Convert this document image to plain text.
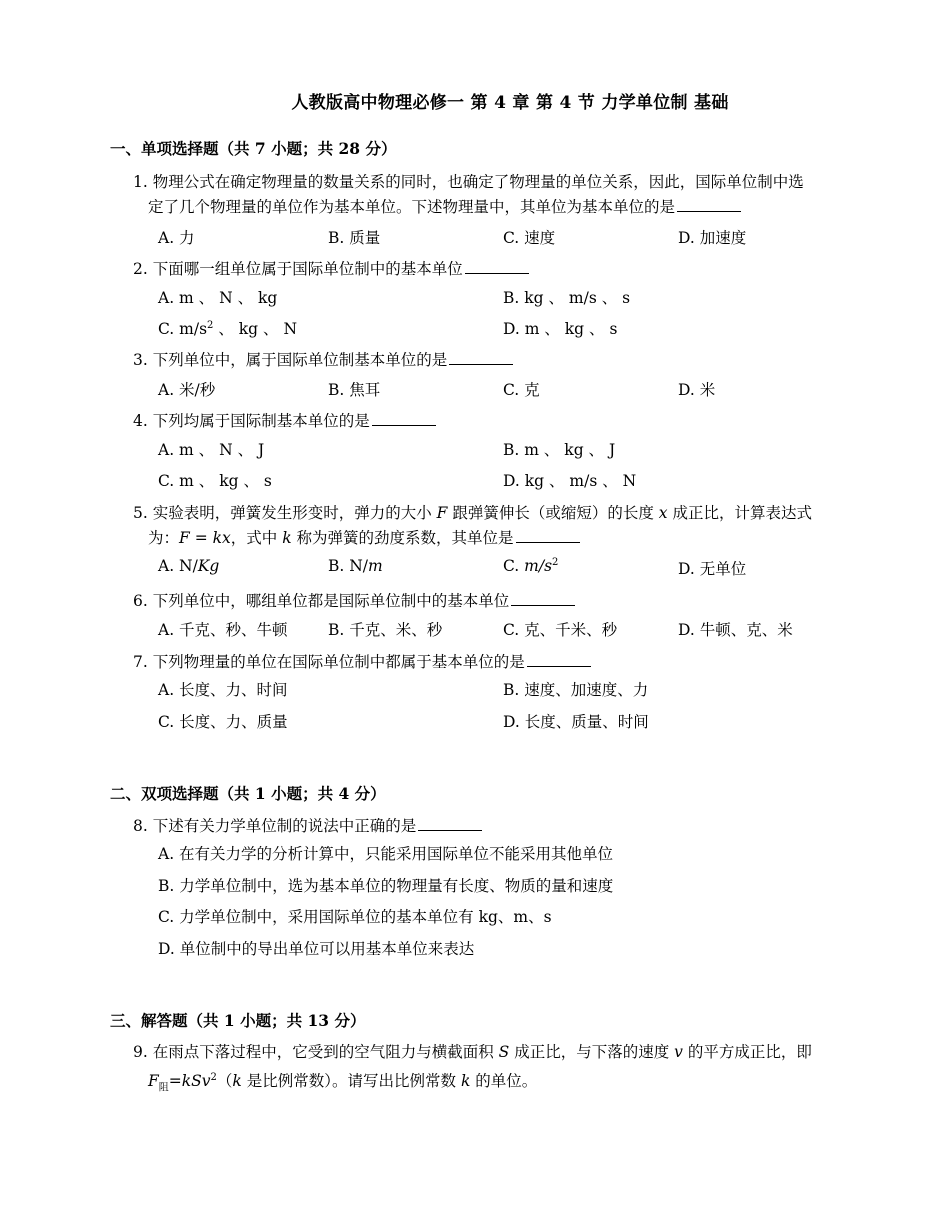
人教版高中物理必修一 第 4 章 第 4 节 力学单位制 基础
一、单项选择题（共 7 小题；共 28 分）
1. 物理公式在确定物理量的数量关系的同时，也确定了物理量的单位关系，因此，国际单位制中选

定了几个物理量的单位作为基本单位。下述物理量中，其单位为基本单位的是
A. 力	B. 质量	C. 速度	D. 加速度
2. 下面哪一组单位属于国际单位制中的基本单位
A. m 、 N 、 kg	B. kg 、 m/s 、 s
C. $m/s^2$ 、 kg 、 N	D. m 、 kg 、 s
3. 下列单位中，属于国际单位制基本单位的是
A. 米/秒	B. 焦耳	C. 克	D. 米
4. 下列均属于国际制基本单位的是
A. m 、 N 、 J	B. m 、 kg 、 J
C. m 、 kg 、 s	D. kg 、 m/s 、 N
5. 实验表明，弹簧发生形变时，弹力的大小 F 跟弹簧伸长（或缩短）的长度 x 成正比，计算表达式

为：F = kx，式中 k 称为弹簧的劲度系数，其单位是
A. N/Kg	B. N/m	C. $m/s^2$	D. 无单位
6. 下列单位中，哪组单位都是国际单位制中的基本单位
A. 千克、秒、牛顿	B. 千克、米、秒	C. 克、千米、秒	D. 牛顿、克、米
7. 下列物理量的单位在国际单位制中都属于基本单位的是
A. 长度、力、时间	B. 速度、加速度、力
C. 长度、力、质量	D. 长度、质量、时间
二、双项选择题（共 1 小题；共 4 分）
8. 下述有关力学单位制的说法中正确的是
A. 在有关力学的分析计算中，只能采用国际单位不能采用其他单位
B. 力学单位制中，选为基本单位的物理量有长度、物质的量和速度
C. 力学单位制中，采用国际单位的基本单位有 kg、m、s
D. 单位制中的导出单位可以用基本单位来表达
三、解答题（共 1 小题；共 13 分）
9. 在雨点下落过程中，它受到的空气阻力与横截面积 S 成正比，与下落的速度 v 的平方成正比，即

$F_阻=kSv^2(k$ 是比例常数）。请写出比例常数 k 的单位。
